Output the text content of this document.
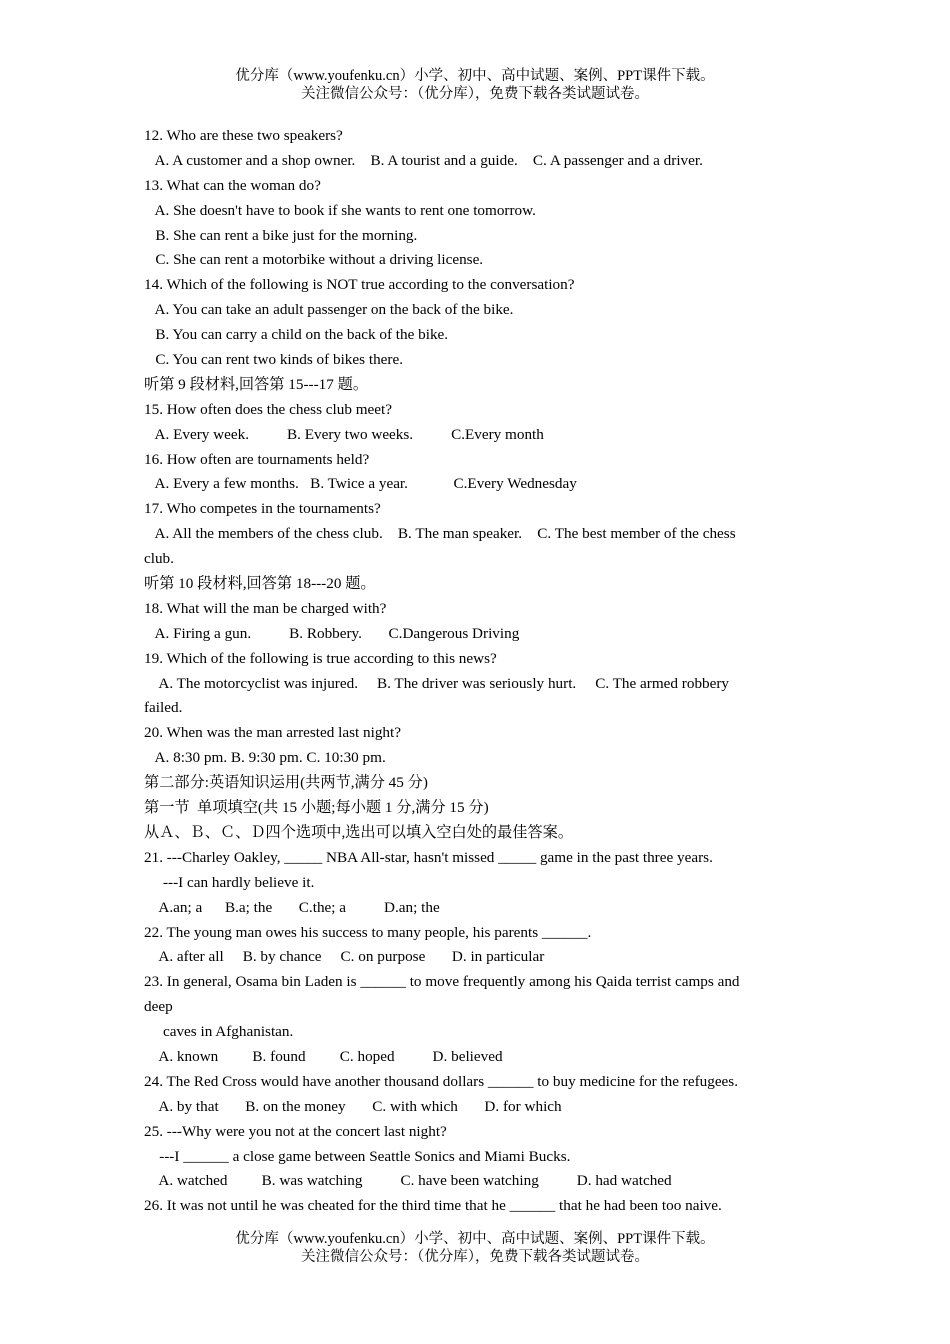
优分库（www.youfenku.cn）小学、初中、高中试题、案例、PPT课件下载。
关注微信公众号：（优分库），免费下载各类试题试卷。
12. Who are these two speakers?
A. A customer and a shop owner.    B. A tourist and a guide.    C. A passenger and a driver.
13. What can the woman do?
A. She doesn't have to book if she wants to rent one tomorrow.
B. She can rent a bike just for the morning.
C. She can rent a motorbike without a driving license.
14. Which of the following is NOT true according to the conversation?
A. You can take an adult passenger on the back of the bike.
B. You can carry a child on the back of the bike.
C. You can rent two kinds of bikes there.
听第 9 段材料,回答第 15---17 题。
15. How often does the chess club meet?
A. Every week.          B. Every two weeks.          C.Every month
16. How often are tournaments held?
A. Every a few months.   B. Twice a year.            C.Every Wednesday
17. Who competes in the tournaments?
A. All the members of the chess club.    B. The man speaker.    C. The best member of the chess
club.
听第 10 段材料,回答第 18---20 题。
18. What will the man be charged with?
A. Firing a gun.          B. Robbery.       C.Dangerous Driving
19. Which of the following is true according to this news?
A. The motorcyclist was injured.     B. The driver was seriously hurt.     C. The armed robbery
failed.
20. When was the man arrested last night?
A. 8:30 pm. B. 9:30 pm. C. 10:30 pm.
第二部分:英语知识运用(共两节,满分 45 分)
第一节  单项填空(共 15 小题;每小题 1 分,满分 15 分)
从Ａ、Ｂ、Ｃ、Ｄ四个选项中,选出可以填入空白处的最佳答案。
21. ---Charley Oakley, _____ NBA All-star, hasn't missed _____ game in the past three years.
---I can hardly believe it.
A.an; a      B.a; the       C.the; a          D.an; the
22. The young man owes his success to many people, his parents ______.
A. after all     B. by chance     C. on purpose       D. in particular
23. In general, Osama bin Laden is ______ to move frequently among his Qaida terrist camps and
deep
caves in Afghanistan.
A. known         B. found         C. hoped          D. believed
24. The Red Cross would have another thousand dollars ______ to buy medicine for the refugees.
A. by that       B. on the money       C. with which       D. for which
25. ---Why were you not at the concert last night?
---I ______ a close game between Seattle Sonics and Miami Bucks.
A. watched         B. was watching          C. have been watching          D. had watched
26. It was not until he was cheated for the third time that he ______ that he had been too naive.
优分库（www.youfenku.cn）小学、初中、高中试题、案例、PPT课件下载。
关注微信公众号：（优分库），免费下载各类试题试卷。
